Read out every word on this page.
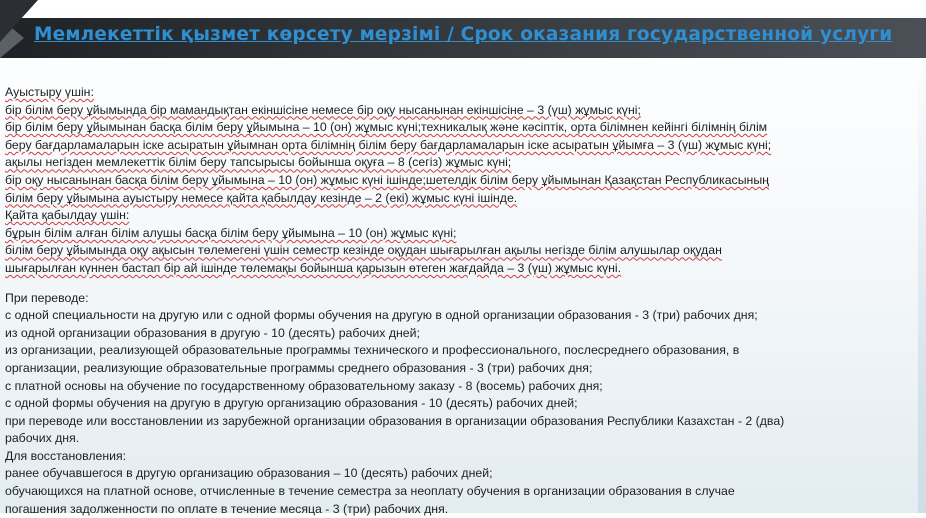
Мемлекеттік қызмет көрсету мерзімі / Срок оказания государственной услуги

Ауыстыру үшін:

бір білім беру ұйымында бір мамандықтан екіншісіне немесе бір оқу нысанынан екіншісіне – 3 (үш) жұмыс күні;

бір білім беру ұйымынан басқа білім беру ұйымына – 10 (он) жұмыс күні;техникалық және кәсіптік, орта білімнен кейінгі білімнің білім

беру бағдарламаларын іске асыратын ұйымнан орта білімнің білім беру бағдарламаларын іске асыратын ұйымға – 3 (үш) жұмыс күні;

ақылы негізден мемлекеттік білім беру тапсырысы бойынша оқуға – 8 (сегіз) жұмыс күні;

бір оқу нысанынан басқа білім беру ұйымына – 10 (он) жұмыс күні ішінде;шетелдік білім беру ұйымынан Қазақстан Республикасының

білім беру ұйымына ауыстыру немесе қайта қабылдау кезінде – 2 (екі) жұмыс күні ішінде.

Қайта қабылдау үшін:

бұрын білім алған білім алушы басқа білім беру ұйымына – 10 (он) жұмыс күні;

білім беру ұйымында оқу ақысын төлемегені үшін семестр кезінде оқудан шығарылған ақылы негізде білім алушылар оқудан

шығарылған күннен бастап бір ай ішінде төлемақы бойынша қарызын өтеген жағдайда – 3 (үш) жұмыс күні.

При переводе:

с одной специальности на другую или с одной формы обучения на другую в одной организации образования - 3 (три) рабочих дня;

из одной организации образования в другую - 10 (десять) рабочих дней;

из организации, реализующей образовательные программы технического и профессионального, послесреднего образования, в

организации, реализующие образовательные программы среднего образования - 3 (три) рабочих дня;

с платной основы на обучение по государственному образовательному заказу - 8 (восемь) рабочих дня;

с одной формы обучения на другую в другую организацию образования - 10 (десять) рабочих дней;

при переводе или восстановлении из зарубежной организации образования в организации образования Республики Казахстан - 2 (два)

рабочих дня.

Для восстановления:

ранее обучавшегося в другую организацию образования – 10 (десять) рабочих дней;

обучающихся на платной основе, отчисленные в течение семестра за неоплату обучения в организации образования в случае

погашения задолженности по оплате в течение месяца - 3 (три) рабочих дня.
